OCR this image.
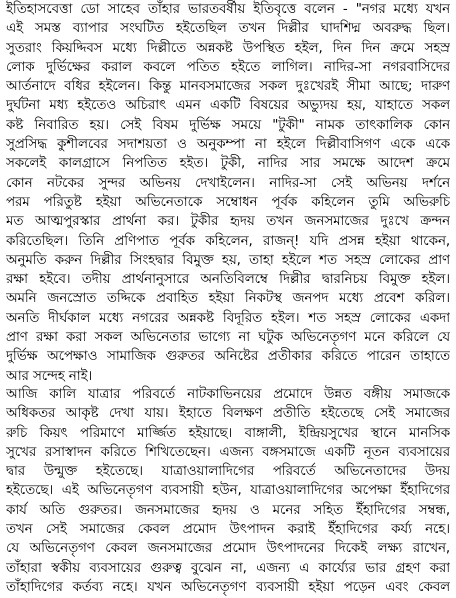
ইতিহাসবেত্তা ডো সাহেব তাঁহার ভারতবর্ষীয় ইতিবৃত্তে বলেন - "নগর মধ্যে যখন
এই সমস্ত ব্যাপার সংঘটিত হইতেছিল তখন দিল্লীর ঘাদশিদ্ম অবরুদ্ধ ছিল।
সুতরাং কিয়দ্দিবস মধ্যে দিল্লীতে অন্নকষ্ট উপস্থিত হইল, দিন দিন ক্রমে সহস্র
লোক দুর্ভিক্ষের করাল কবলে পতিত হইতে লাগিল। নাদির-সা নগরবাসিদের
আর্তনাদে বধির হইলেন। কিন্তু মানবসমাজের সকল দুঃখেরই সীমা আছে; দারুণ
দুর্ঘটনা মধ্য হইতেও অচিরাৎ এমন একটি বিষয়ের অভ্যুদয় হয়, যাহাতে সকল
কষ্ট নিবারিত হয়। সেই বিষম দুর্ভিক্ষ সময়ে "টুকী" নামক তাৎকালিক কোন
সুপ্রসিদ্ধ কুশীলবের সদাশয়তা ও অনুকম্পা না হইলে দিল্লীবাসিগণ একে একে
সকলেই কালগ্রাসে নিপতিত হইত। টুকী, নাদির সার সমক্ষে আদেশ ক্রমে
কোন নটকের সুন্দর অভিনয় দেখাইলেন। নাদির-সা সেই অভিনয় দর্শনে
পরম পরিতুষ্ট হইয়া অভিনেতাকে সম্বোধন পূর্বক কহিলেন তুমি অভিরুচি
মত আত্মপুরস্কার প্রার্থনা কর। টুকীর হৃদয় তখন জনসমাজের দুঃখে ক্রন্দন
করিতেছিল। তিনি প্রণিপাত পূর্বক কহিলেন, রাজন্! যদি প্রসন্ন হইয়া থাকেন,
অনুমতি করুন দিল্লীর সিংহদ্বার বিমুক্ত হয়, তাহা হইলে শত সহস্র লোকের প্রাণ
রক্ষা হইবে। তদীয় প্রার্থনানুসারে অনতিবিলম্বে দিল্লীর দ্বারনিচয় বিমুক্ত হইল।
অমনি জনস্রোত তদ্দিকে প্রবাহিত হইয়া নিকটস্থ জনপদ মধ্যে প্রবেশ করিল।
অনতি দীর্ঘকাল মধ্যে নগরের অন্নকষ্ট বিদূরিত হইল। শত সহস্র লোকের একদা
প্রাণ রক্ষা করা সকল অভিনেতার ভাগ্যে না ঘটুক অভিনেতৃগণ মনে করিলে যে
দুর্ভিক্ষ অপেক্ষাও সামাজিক গুরুতর অনিষ্টের প্রতীকার করিতে পারেন তাহাতে
আর সন্দেহ নাই।
আজি কালি যাত্রার পরিবর্তে নাটকাভিনয়ের প্রমোদে উন্নত বঙ্গীয় সমাজকে
অধিকতর আকৃষ্ট দেখা যায়। ইহাতে বিলক্ষণ প্রতীতি হইতেছে সেই সমাজের
রুচি কিয়ৎ পরিমাণে মার্জ্জিত হইয়াছে। বাঙ্গালী, ইন্দ্রিয়সুখের স্থানে মানসিক
সুখের রসাস্বাদন করিতে শিখিতেছেন। এজন্য বঙ্গসমাজে একটি নূতন ব্যবসায়ের
দ্বার উন্মুক্ত হইতেছে। যাত্রাওয়ালাদিগের পরিবর্তে অভিনেতাদের উদয়
হইতেছে। এই অভিনেতৃগণ ব্যবসায়ী হউন, যাত্রাওয়ালাদিগের অপেক্ষা ইঁহাদিগের
কার্য অতি গুরুতর। জনসমাজের হৃদয় ও মনের সহিত ইঁহাদিগের সম্বন্ধ,
তখন সেই সমাজের কেবল প্রমোদ উৎপাদন করাই ইঁহাদিগের কর্য্য নহে।
যে অভিনেতৃগণ কেবল জনসমাজের প্রমোদ উৎপাদনের দিকেই লক্ষ্য রাখেন,
তাঁহারা স্বকীয় ব্যবসায়ের গুরুত্ব বুঝেন না, এজন্য এ কার্য্যের ভার গ্রহণ করা
তাঁহাদিগের কর্তব্য নহে। যখন অভিনেতৃগণ ব্যবসায়ী হইয়া পড়েন এবং কেবল
